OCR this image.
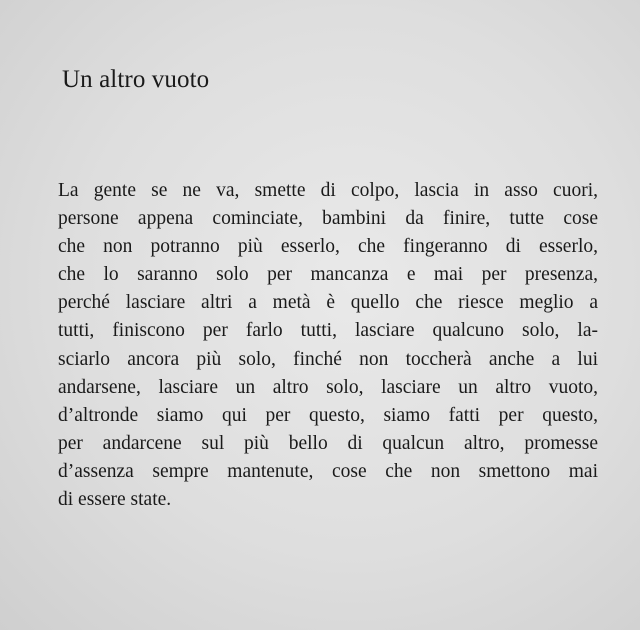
Un altro vuoto
La gente se ne va, smette di colpo, lascia in asso cuori,
persone appena cominciate, bambini da finire, tutte cose
che non potranno più esserlo, che fingeranno di esserlo,
che lo saranno solo per mancanza e mai per presenza,
perché lasciare altri a metà è quello che riesce meglio a
tutti, finiscono per farlo tutti, lasciare qualcuno solo, la-
sciarlo ancora più solo, finché non toccherà anche a lui
andarsene, lasciare un altro solo, lasciare un altro vuoto,
d’altronde siamo qui per questo, siamo fatti per questo,
per andarcene sul più bello di qualcun altro, promesse
d’assenza sempre mantenute, cose che non smettono mai
di essere state.
